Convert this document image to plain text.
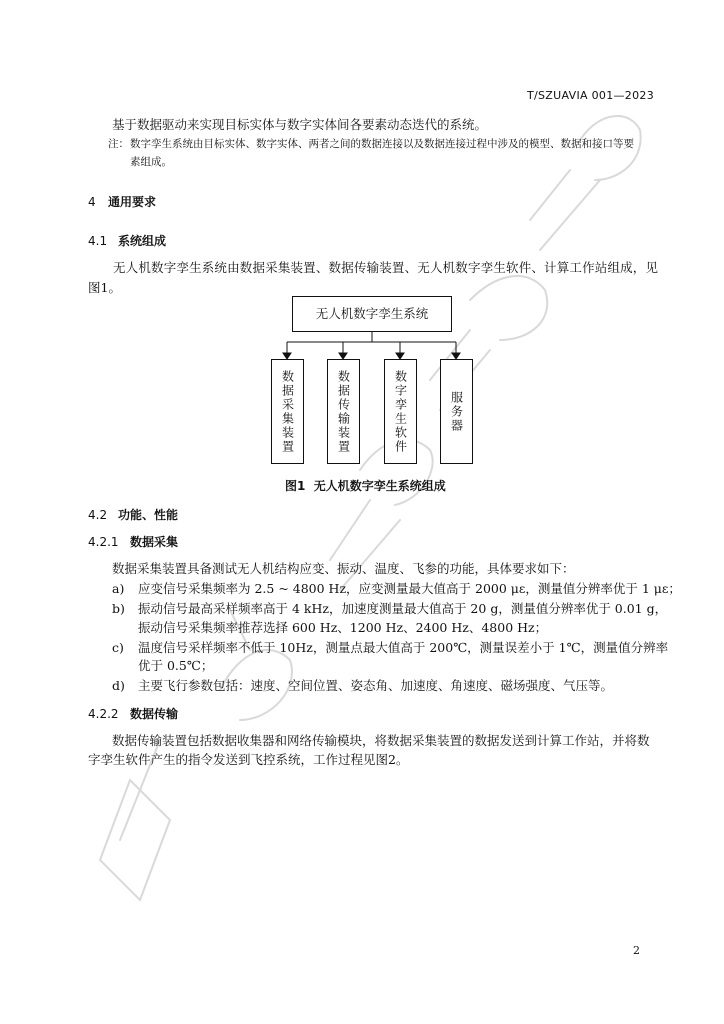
T/SZUAVIA 001—2023
基于数据驱动来实现目标实体与数字实体间各要素动态迭代的系统。
注： 数字孪生系统由目标实体、数字实体、两者之间的数据连接以及数据连接过程中涉及的模型、数据和接口等要
素组成。
4 通用要求
4.1 系统组成
无人机数字孪生系统由数据采集装置、数据传输装置、无人机数字孪生软件、计算工作站组成，见图1。
无人机数字孪生系统
数据采集装置	数据传输装置	数字孪生软件	服务器
图1 无人机数字孪生系统组成
4.2 功能、性能
4.2.1 数据采集
数据采集装置具备测试无人机结构应变、振动、温度、飞参的功能，具体要求如下：
a) 应变信号采集频率为 2.5 ~ 4800 Hz，应变测量最大值高于 2000 με，测量值分辨率优于 1 με；
b) 振动信号最高采样频率高于 4 kHz，加速度测量最大值高于 20 g，测量值分辨率优于 0.01 g，
振动信号采集频率推荐选择 600 Hz、1200 Hz、2400 Hz、4800 Hz；
c) 温度信号采样频率不低于 10Hz，测量点最大值高于 200℃，测量误差小于 1℃，测量值分辨率
优于 0.5℃；
d) 主要飞行参数包括：速度、空间位置、姿态角、加速度、角速度、磁场强度、气压等。
4.2.2 数据传输
数据传输装置包括数据收集器和网络传输模块，将数据采集装置的数据发送到计算工作站，并将数
字孪生软件产生的指令发送到飞控系统，工作过程见图2。
2
